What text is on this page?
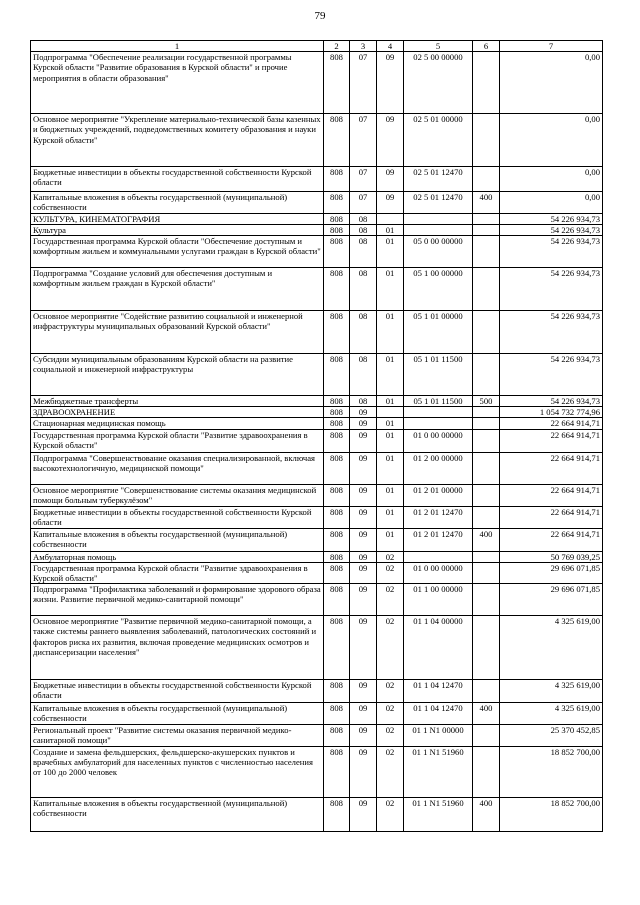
79
1	2	3	4	5	6	7
Подпрограмма "Обеспечение реализации государственной программы Курской области "Развитие образования в Курской области" и прочие мероприятия в области образования"	808	07	09	02 5 00 00000		0,00
Основное мероприятие "Укрепление материально-технической базы казенных и бюджетных учреждений, подведомственных комитету образования и науки Курской области"	808	07	09	02 5 01 00000		0,00
Бюджетные инвестиции в объекты государственной собственности Курской области	808	07	09	02 5 01 12470		0,00
Капитальные вложения в объекты государственной (муниципальной) собственности	808	07	09	02 5 01 12470	400	0,00
КУЛЬТУРА, КИНЕМАТОГРАФИЯ	808	08				54 226 934,73
Культура	808	08	01			54 226 934,73
Государственная программа Курской области "Обеспечение доступным и комфортным жильем и коммунальными услугами граждан в Курской области"	808	08	01	05 0 00 00000		54 226 934,73
Подпрограмма "Создание условий для обеспечения доступным и комфортным жильем граждан в Курской области"	808	08	01	05 1 00 00000		54 226 934,73
Основное мероприятие "Содействие развитию социальной и инженерной инфраструктуры муниципальных образований Курской области"	808	08	01	05 1 01 00000		54 226 934,73
Субсидии муниципальным образованиям Курской области на развитие социальной и инженерной инфраструктуры	808	08	01	05 1 01 11500		54 226 934,73
Межбюджетные трансферты	808	08	01	05 1 01 11500	500	54 226 934,73
ЗДРАВООХРАНЕНИЕ	808	09				1 054 732 774,96
Стационарная медицинская помощь	808	09	01			22 664 914,71
Государственная программа Курской области "Развитие здравоохранения в Курской области"	808	09	01	01 0 00 00000		22 664 914,71
Подпрограмма "Совершенствование оказания специализированной, включая высокотехнологичную, медицинской помощи"	808	09	01	01 2 00 00000		22 664 914,71
Основное мероприятие "Совершенствование системы оказания медицинской помощи больным туберкулёзом"	808	09	01	01 2 01 00000		22 664 914,71
Бюджетные инвестиции в объекты государственной собственности Курской области	808	09	01	01 2 01 12470		22 664 914,71
Капитальные вложения в объекты государственной (муниципальной) собственности	808	09	01	01 2 01 12470	400	22 664 914,71
Амбулаторная помощь	808	09	02			50 769 039,25
Государственная программа Курской области "Развитие здравоохранения в Курской области"	808	09	02	01 0 00 00000		29 696 071,85
Подпрограмма "Профилактика заболеваний и формирование здорового образа жизни. Развитие первичной медико-санитарной помощи"	808	09	02	01 1 00 00000		29 696 071,85
Основное мероприятие "Развитие первичной медико-санитарной помощи, а также системы раннего выявления заболеваний, патологических состояний и факторов риска их развития, включая проведение медицинских осмотров и диспансеризации населения"	808	09	02	01 1 04 00000		4 325 619,00
Бюджетные инвестиции в объекты государственной собственности Курской области	808	09	02	01 1 04 12470		4 325 619,00
Капитальные вложения в объекты государственной (муниципальной) собственности	808	09	02	01 1 04 12470	400	4 325 619,00
Региональный проект "Развитие системы оказания первичной медико-санитарной помощи"	808	09	02	01 1 N1 00000		25 370 452,85
Создание и замена фельдшерских, фельдшерско-акушерских пунктов и врачебных амбулаторий для населенных пунктов с численностью населения от 100 до 2000 человек	808	09	02	01 1 N1 51960		18 852 700,00
Капитальные вложения в объекты государственной (муниципальной) собственности	808	09	02	01 1 N1 51960	400	18 852 700,00
